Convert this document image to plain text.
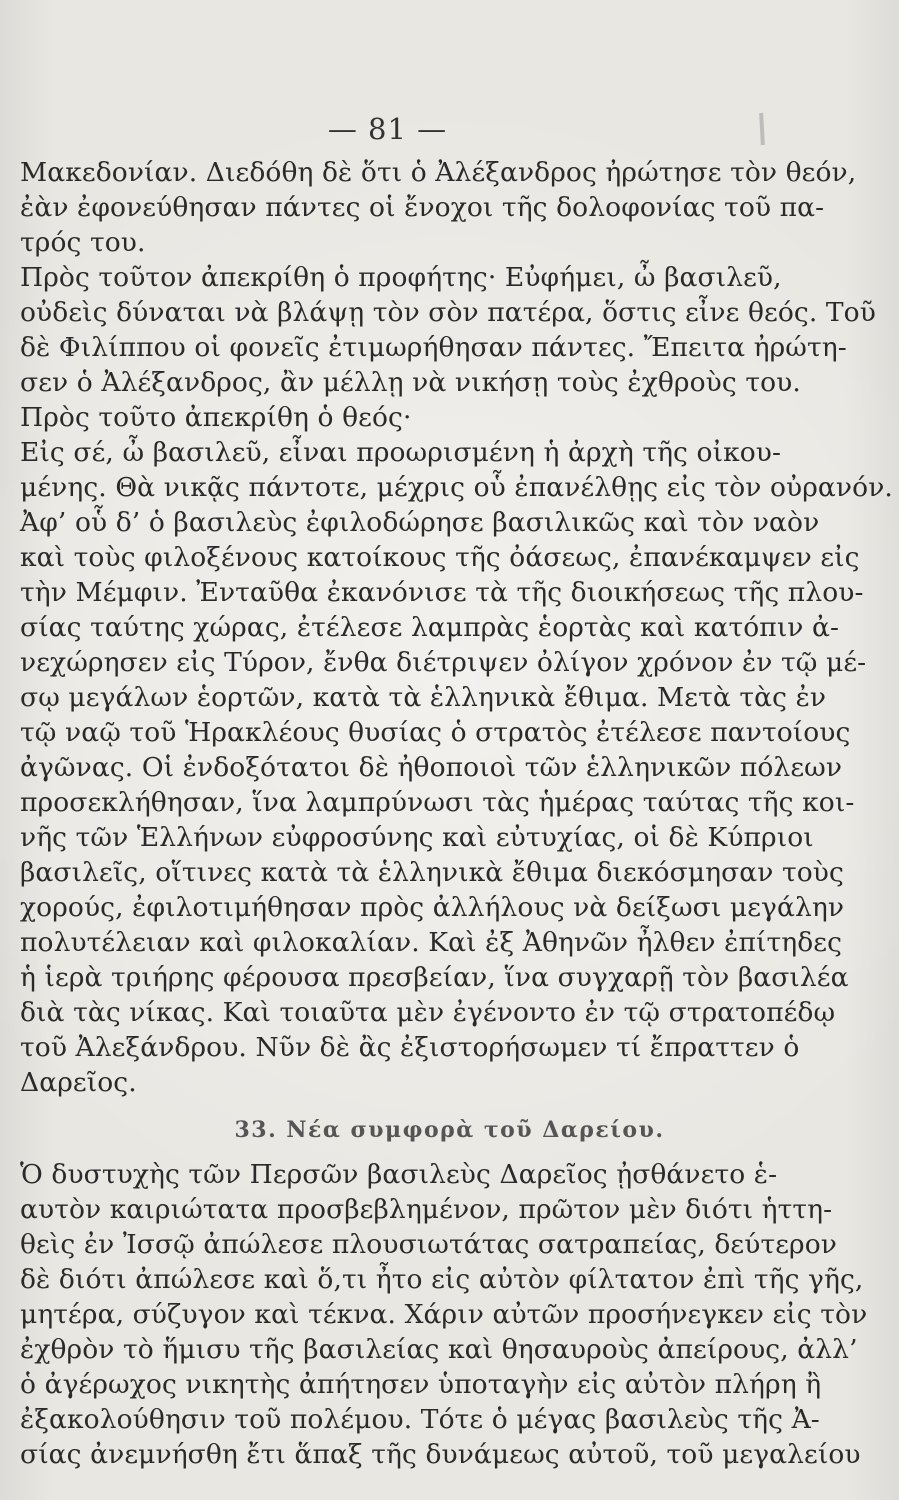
— 81 —
Μακεδονίαν. Διεδόθη δὲ ὅτι ὁ Ἀλέξανδρος ἠρώτησε τὸν θεόν,
ἐὰν ἐφονεύθησαν πάντες οἱ ἔνοχοι τῆς δολοφονίας τοῦ πα-
τρός του.
Πρὸς τοῦτον ἀπεκρίθη ὁ προφήτης· Εὐφήμει, ὦ βασιλεῦ,
οὐδεὶς δύναται νὰ βλάψῃ τὸν σὸν πατέρα, ὅστις εἶνε θεός. Τοῦ
δὲ Φιλίππου οἱ φονεῖς ἐτιμωρήθησαν πάντες. Ἔπειτα ἠρώτη-
σεν ὁ Ἀλέξανδρος, ἂν μέλλῃ νὰ νικήσῃ τοὺς ἐχθροὺς του.
Πρὸς τοῦτο ἀπεκρίθη ὁ θεός·
Εἰς σέ, ὦ βασιλεῦ, εἶναι προωρισμένη ἡ ἀρχὴ τῆς οἰκου-
μένης. Θὰ νικᾷς πάντοτε, μέχρις οὗ ἐπανέλθῃς εἰς τὸν οὐρανόν.
Ἀφ’ οὗ δ’ ὁ βασιλεὺς ἐφιλοδώρησε βασιλικῶς καὶ τὸν ναὸν
καὶ τοὺς φιλοξένους κατοίκους τῆς ὀάσεως, ἐπανέκαμψεν εἰς
τὴν Μέμφιν. Ἐνταῦθα ἐκανόνισε τὰ τῆς διοικήσεως τῆς πλου-
σίας ταύτης χώρας, ἐτέλεσε λαμπρὰς ἑορτὰς καὶ κατόπιν ἀ-
νεχώρησεν εἰς Τύρον, ἔνθα διέτριψεν ὀλίγον χρόνον ἐν τῷ μέ-
σῳ μεγάλων ἑορτῶν, κατὰ τὰ ἑλληνικὰ ἔθιμα. Μετὰ τὰς ἐν
τῷ ναῷ τοῦ Ἡρακλέους θυσίας ὁ στρατὸς ἐτέλεσε παντοίους
ἀγῶνας. Οἱ ἐνδοξότατοι δὲ ἠθοποιοὶ τῶν ἑλληνικῶν πόλεων
προσεκλήθησαν, ἵνα λαμπρύνωσι τὰς ἡμέρας ταύτας τῆς κοι-
νῆς τῶν Ἑλλήνων εὐφροσύνης καὶ εὐτυχίας, οἱ δὲ Κύπριοι
βασιλεῖς, οἵτινες κατὰ τὰ ἑλληνικὰ ἔθιμα διεκόσμησαν τοὺς
χορούς, ἐφιλοτιμήθησαν πρὸς ἀλλήλους νὰ δείξωσι μεγάλην
πολυτέλειαν καὶ φιλοκαλίαν. Καὶ ἐξ Ἀθηνῶν ἦλθεν ἐπίτηδες
ἡ ἱερὰ τριήρης φέρουσα πρεσβείαν, ἵνα συγχαρῇ τὸν βασιλέα
διὰ τὰς νίκας. Καὶ τοιαῦτα μὲν ἐγένοντο ἐν τῷ στρατοπέδῳ
τοῦ Ἀλεξάνδρου. Νῦν δὲ ἂς ἐξιστορήσωμεν τί ἔπραττεν ὁ
Δαρεῖος.
33. Νέα συμφορὰ τοῦ Δαρείου.
Ὁ δυστυχὴς τῶν Περσῶν βασιλεὺς Δαρεῖος ᾐσθάνετο ἑ-
αυτὸν καιριώτατα προσβεβλημένον, πρῶτον μὲν διότι ἡττη-
θεὶς ἐν Ἰσσῷ ἀπώλεσε πλουσιωτάτας σατραπείας, δεύτερον
δὲ διότι ἀπώλεσε καὶ ὅ,τι ἦτο εἰς αὐτὸν φίλτατον ἐπὶ τῆς γῆς,
μητέρα, σύζυγον καὶ τέκνα. Χάριν αὐτῶν προσήνεγκεν εἰς τὸν
ἐχθρὸν τὸ ἥμισυ τῆς βασιλείας καὶ θησαυροὺς ἀπείρους, ἀλλ’
ὁ ἀγέρωχος νικητὴς ἀπήτησεν ὑποταγὴν εἰς αὐτὸν πλήρη ἢ
ἐξακολούθησιν τοῦ πολέμου. Τότε ὁ μέγας βασιλεὺς τῆς Ἀ-
σίας ἀνεμνήσθη ἔτι ἅπαξ τῆς δυνάμεως αὐτοῦ, τοῦ μεγαλείου
